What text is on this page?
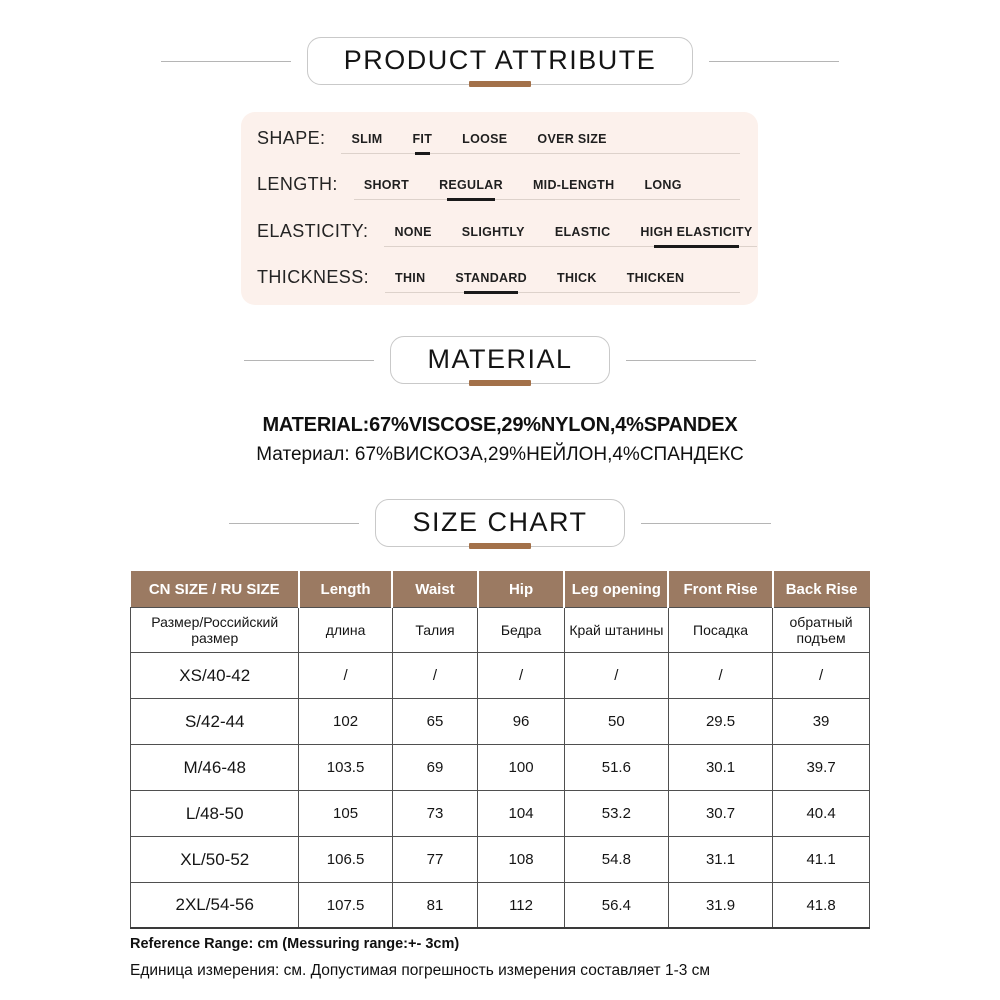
PRODUCT ATTRIBUTE
SHAPE: SLIM FIT LOOSE OVER SIZE
LENGTH: SHORT REGULAR MID-LENGTH LONG
ELASTICITY: NONE SLIGHTLY ELASTIC HIGH ELASTICITY
THICKNESS: THIN STANDARD THICK THICKEN
MATERIAL
MATERIAL:67%VISCOSE,29%NYLON,4%SPANDEX
Материал: 67%ВИСКОЗА,29%НЕЙЛОН,4%СПАНДЕКС
SIZE CHART
CN SIZE / RU SIZE	Length	Waist	Hip	Leg opening	Front Rise	Back Rise
Размер/Российский размер	длина	Талия	Бедра	Край штанины	Посадка	обратный подъем
XS/40-42	/	/	/	/	/	/
S/42-44	102	65	96	50	29.5	39
M/46-48	103.5	69	100	51.6	30.1	39.7
L/48-50	105	73	104	53.2	30.7	40.4
XL/50-52	106.5	77	108	54.8	31.1	41.1
2XL/54-56	107.5	81	112	56.4	31.9	41.8
Reference Range: cm (Messuring range:+- 3cm)
Единица измерения: см. Допустимая погрешность измерения составляет 1-3 см
